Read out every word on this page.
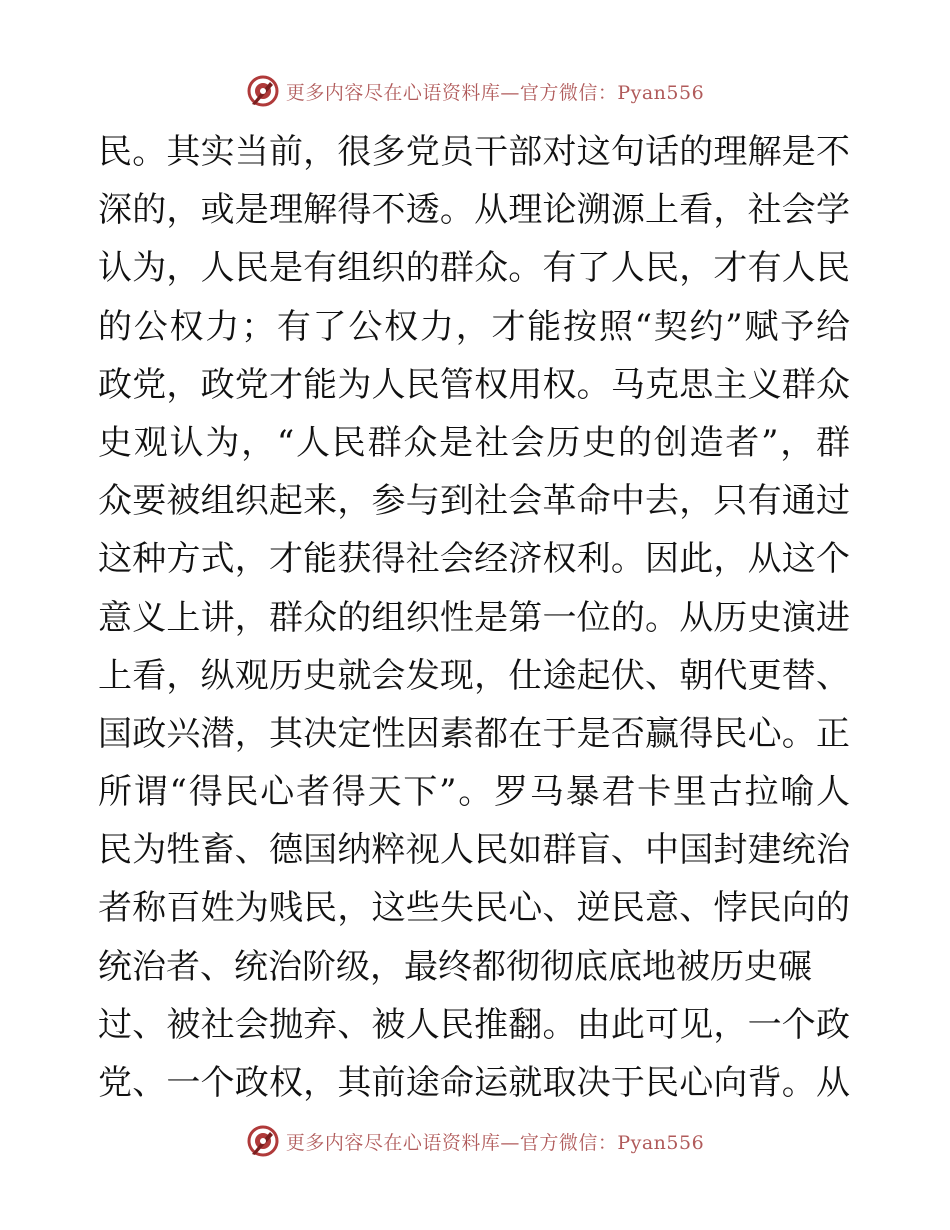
更多内容尽在心语资料库—官方微信：Pyan556
民。其实当前，很多党员干部对这句话的理解是不
深的，或是理解得不透。从理论溯源上看，社会学
认为，人民是有组织的群众。有了人民，才有人民
的公权力；有了公权力，才能按照“契约”赋予给
政党，政党才能为人民管权用权。马克思主义群众
史观认为，“人民群众是社会历史的创造者”，群
众要被组织起来，参与到社会革命中去，只有通过
这种方式，才能获得社会经济权利。因此，从这个
意义上讲，群众的组织性是第一位的。从历史演进
上看，纵观历史就会发现，仕途起伏、朝代更替、
国政兴潜，其决定性因素都在于是否赢得民心。正
所谓“得民心者得天下”。罗马暴君卡里古拉喻人
民为牲畜、德国纳粹视人民如群盲、中国封建统治
者称百姓为贱民，这些失民心、逆民意、悖民向的
统治者、统治阶级，最终都彻彻底底地被历史碾
过、被社会抛弃、被人民推翻。由此可见，一个政
党、一个政权，其前途命运就取决于民心向背。从
更多内容尽在心语资料库—官方微信：Pyan556
